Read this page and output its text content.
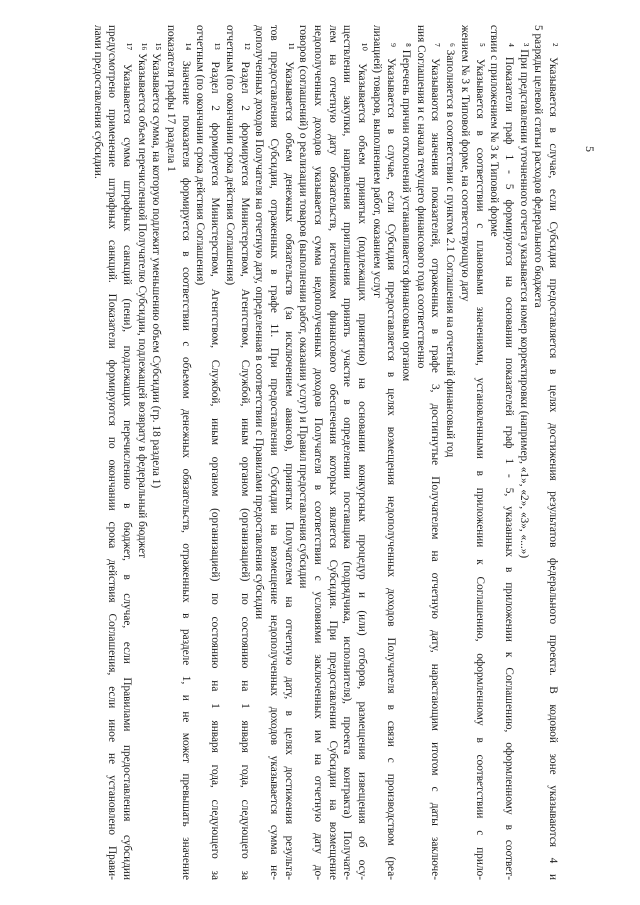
5
² Указывается в случае, если Субсидия предоставляется в целях достижения результатов федерального проекта. В кодовой зоне указываются 4 и
5 разряды целевой статьи расходов федерального бюджета
³ При представлении уточненного отчета указывается номер корректировки (например, «1», «2», «3», «...»)
⁴ Показатели граф 1 - 5 формируются на основании показателей граф 1 - 5, указанных в приложении к Соглашению, оформленному в соответ-
ствии с приложением № 3 к Типовой форме
⁵ Указывается в соответствии с плановыми значениями, установленными в приложении к Соглашению, оформленному в соответствии с прило-
жением № 3 к Типовой форме, на соответствующую дату
⁶ Заполняется в соответствии с пунктом 2.1 Соглашения на отчетный финансовый год
⁷ Указываются значения показателей, отраженных в графе 3, достигнутые Получателем на отчетную дату, нарастающим итогом с даты заключе-
ния Соглашения и с начала текущего финансового года соответственно
⁸ Перечень причин отклонений устанавливается финансовым органом
⁹ Указывается в случае, если Субсидия предоставляется в целях возмещения недополученных доходов Получателя в связи с производством (реа-
лизацией) товаров, выполнением работ, оказанием услуг
¹⁰ Указывается объем принятых (подлежащих принятию) на основании конкурсных процедур и (или) отборов, размещения извещения об осу-
ществлении закупки, направления приглашения принять участие в определении поставщика (подрядчика, исполнителя), проекта контракта) Получате-
лем на отчетную дату обязательств, источником финансового обеспечения которых является Субсидия. При предоставлении Субсидии на возмещение
недополученных доходов указывается сумма недополученных доходов Получателя в соответствии с условиями заключенных им на отчетную дату до-
говоров (соглашений) о реализации товаров (выполнении работ, оказании услуг) и Правил предоставления субсидии
¹¹ Указывается объем денежных обязательств (за исключением авансов), принятых Получателем на отчетную дату, в целях достижения результа-
тов предоставления Субсидии, отраженных в графе 11. При предоставлении Субсидии на возмещение недополученных доходов указывается сумма не-
дополученных доходов Получателя на отчетную дату, определенная в соответствии с Правилами предоставления субсидии
¹² Раздел 2 формируется Министерством, Агентством, Службой, иным органом (организацией) по состоянию на 1 января года, следующего за
отчетным (по окончании срока действия Соглашения)
¹³ Раздел 2 формируется Министерством, Агентством, Службой, иным органом (организацией) по состоянию на 1 января года, следующего за
отчетным (по окончании срока действия Соглашения)
¹⁴ Значение показателя формируется в соответствии с объемом денежных обязательств, отраженных в разделе 1, и не может превышать значение
показателя графы 17 раздела 1
¹⁵ Указывается сумма, на которую подлежит уменьшению объем Субсидии (гр. 18 раздела 1)
¹⁶ Указывается объем перечисленной Получателю Субсидии, подлежащей возврату в федеральный бюджет
¹⁷ Указывается сумма штрафных санкций (пени), подлежащих перечислению в бюджет, в случае, если Правилами предоставления субсидии
предусмотрено применение штрафных санкций. Показатели формируются по окончании срока действия Соглашения, если иное не установлено Прави-
лами предоставления субсидии.
